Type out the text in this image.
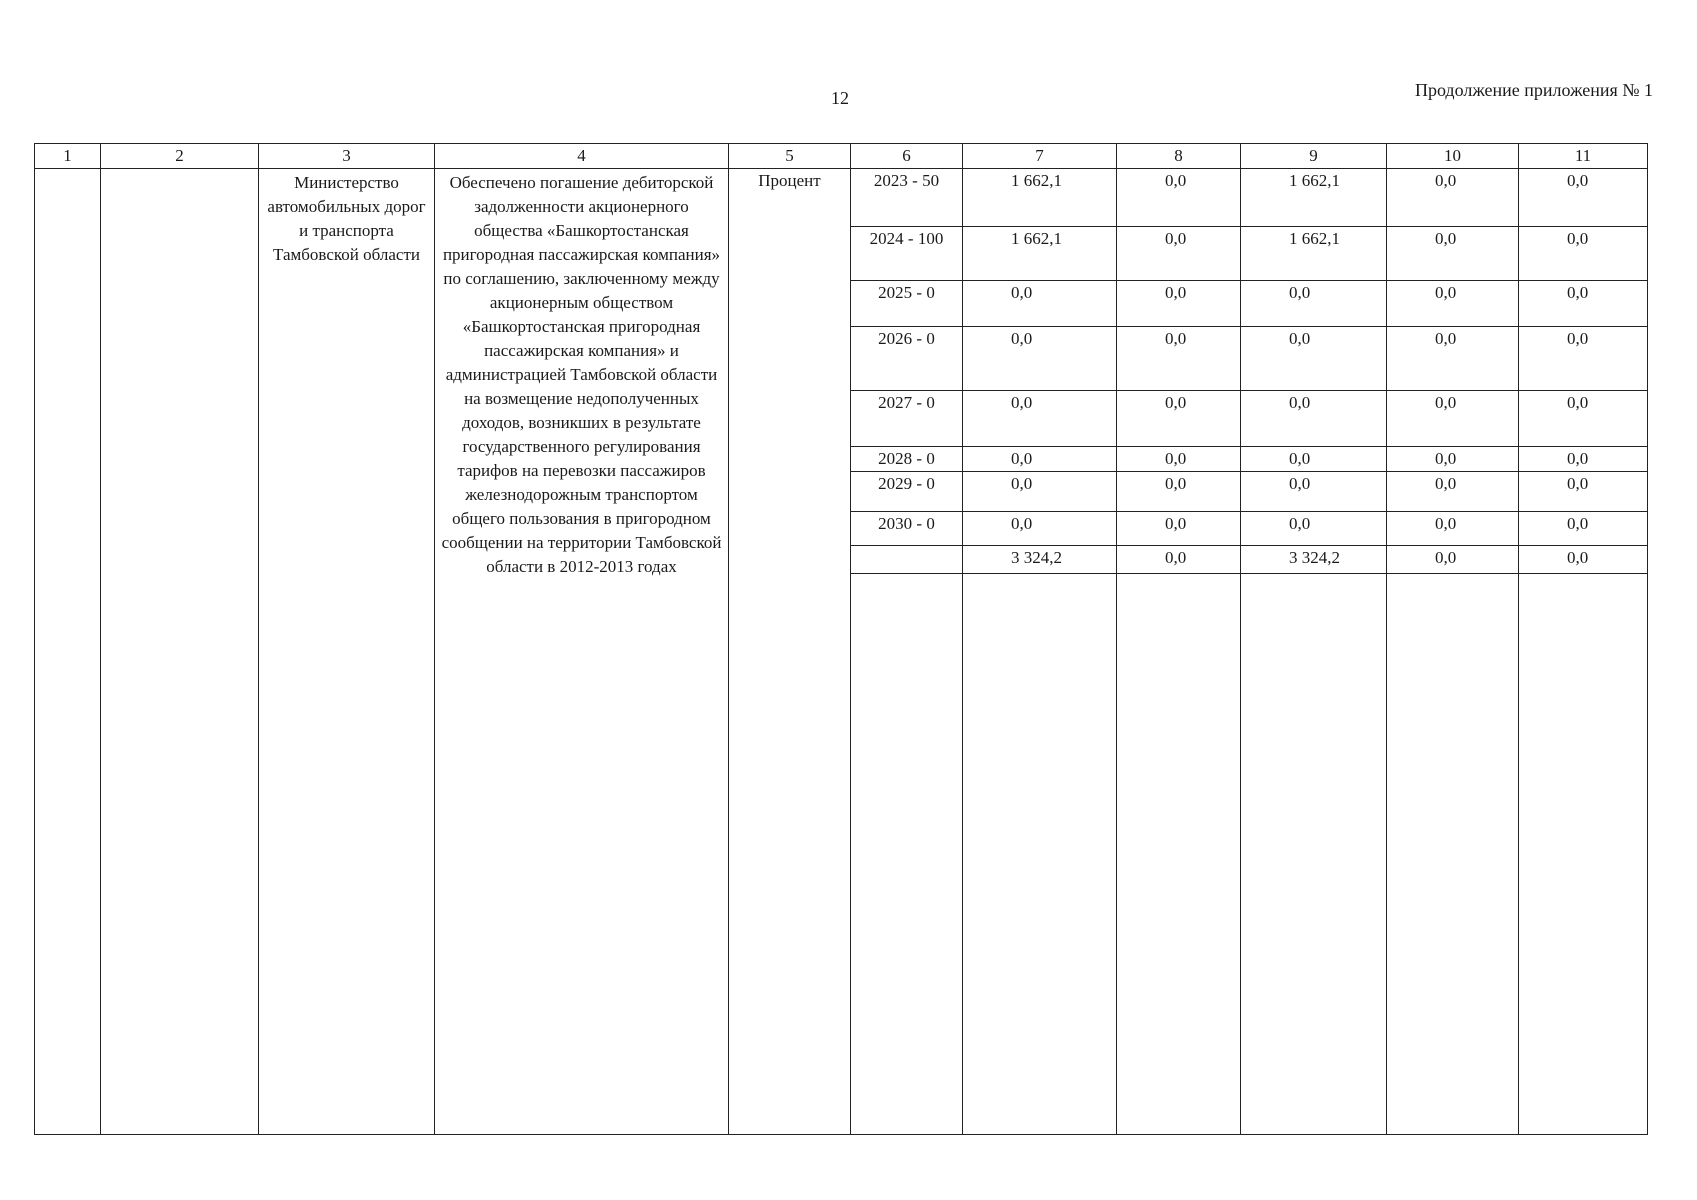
12	Продолжение приложения № 1
1	2	3	4	5	6	7	8	9	10	11
		Министерство автомобильных дорог и транспорта Тамбовской области	Обеспечено погашение дебиторской задолженности акционерного общества «Башкортостанская пригородная пассажирская компания» по соглашению, заключенному между акционерным обществом «Башкортостанская пригородная пассажирская компания» и администрацией Тамбовской области на возмещение недополученных доходов, возникших в результате государственного регулирования тарифов на перевозки пассажиров железнодорожным транспортом общего пользования в пригородном сообщении на территории Тамбовской области в 2012-2013 годах	Процент	2023 - 50	1 662,1	0,0	1 662,1	0,0	0,0
					2024 - 100	1 662,1	0,0	1 662,1	0,0	0,0
					2025 - 0	0,0	0,0	0,0	0,0	0,0
					2026 - 0	0,0	0,0	0,0	0,0	0,0
					2027 - 0	0,0	0,0	0,0	0,0	0,0
					2028 - 0	0,0	0,0	0,0	0,0	0,0
					2029 - 0	0,0	0,0	0,0	0,0	0,0
					2030 - 0	0,0	0,0	0,0	0,0	0,0
						3 324,2	0,0	3 324,2	0,0	0,0
